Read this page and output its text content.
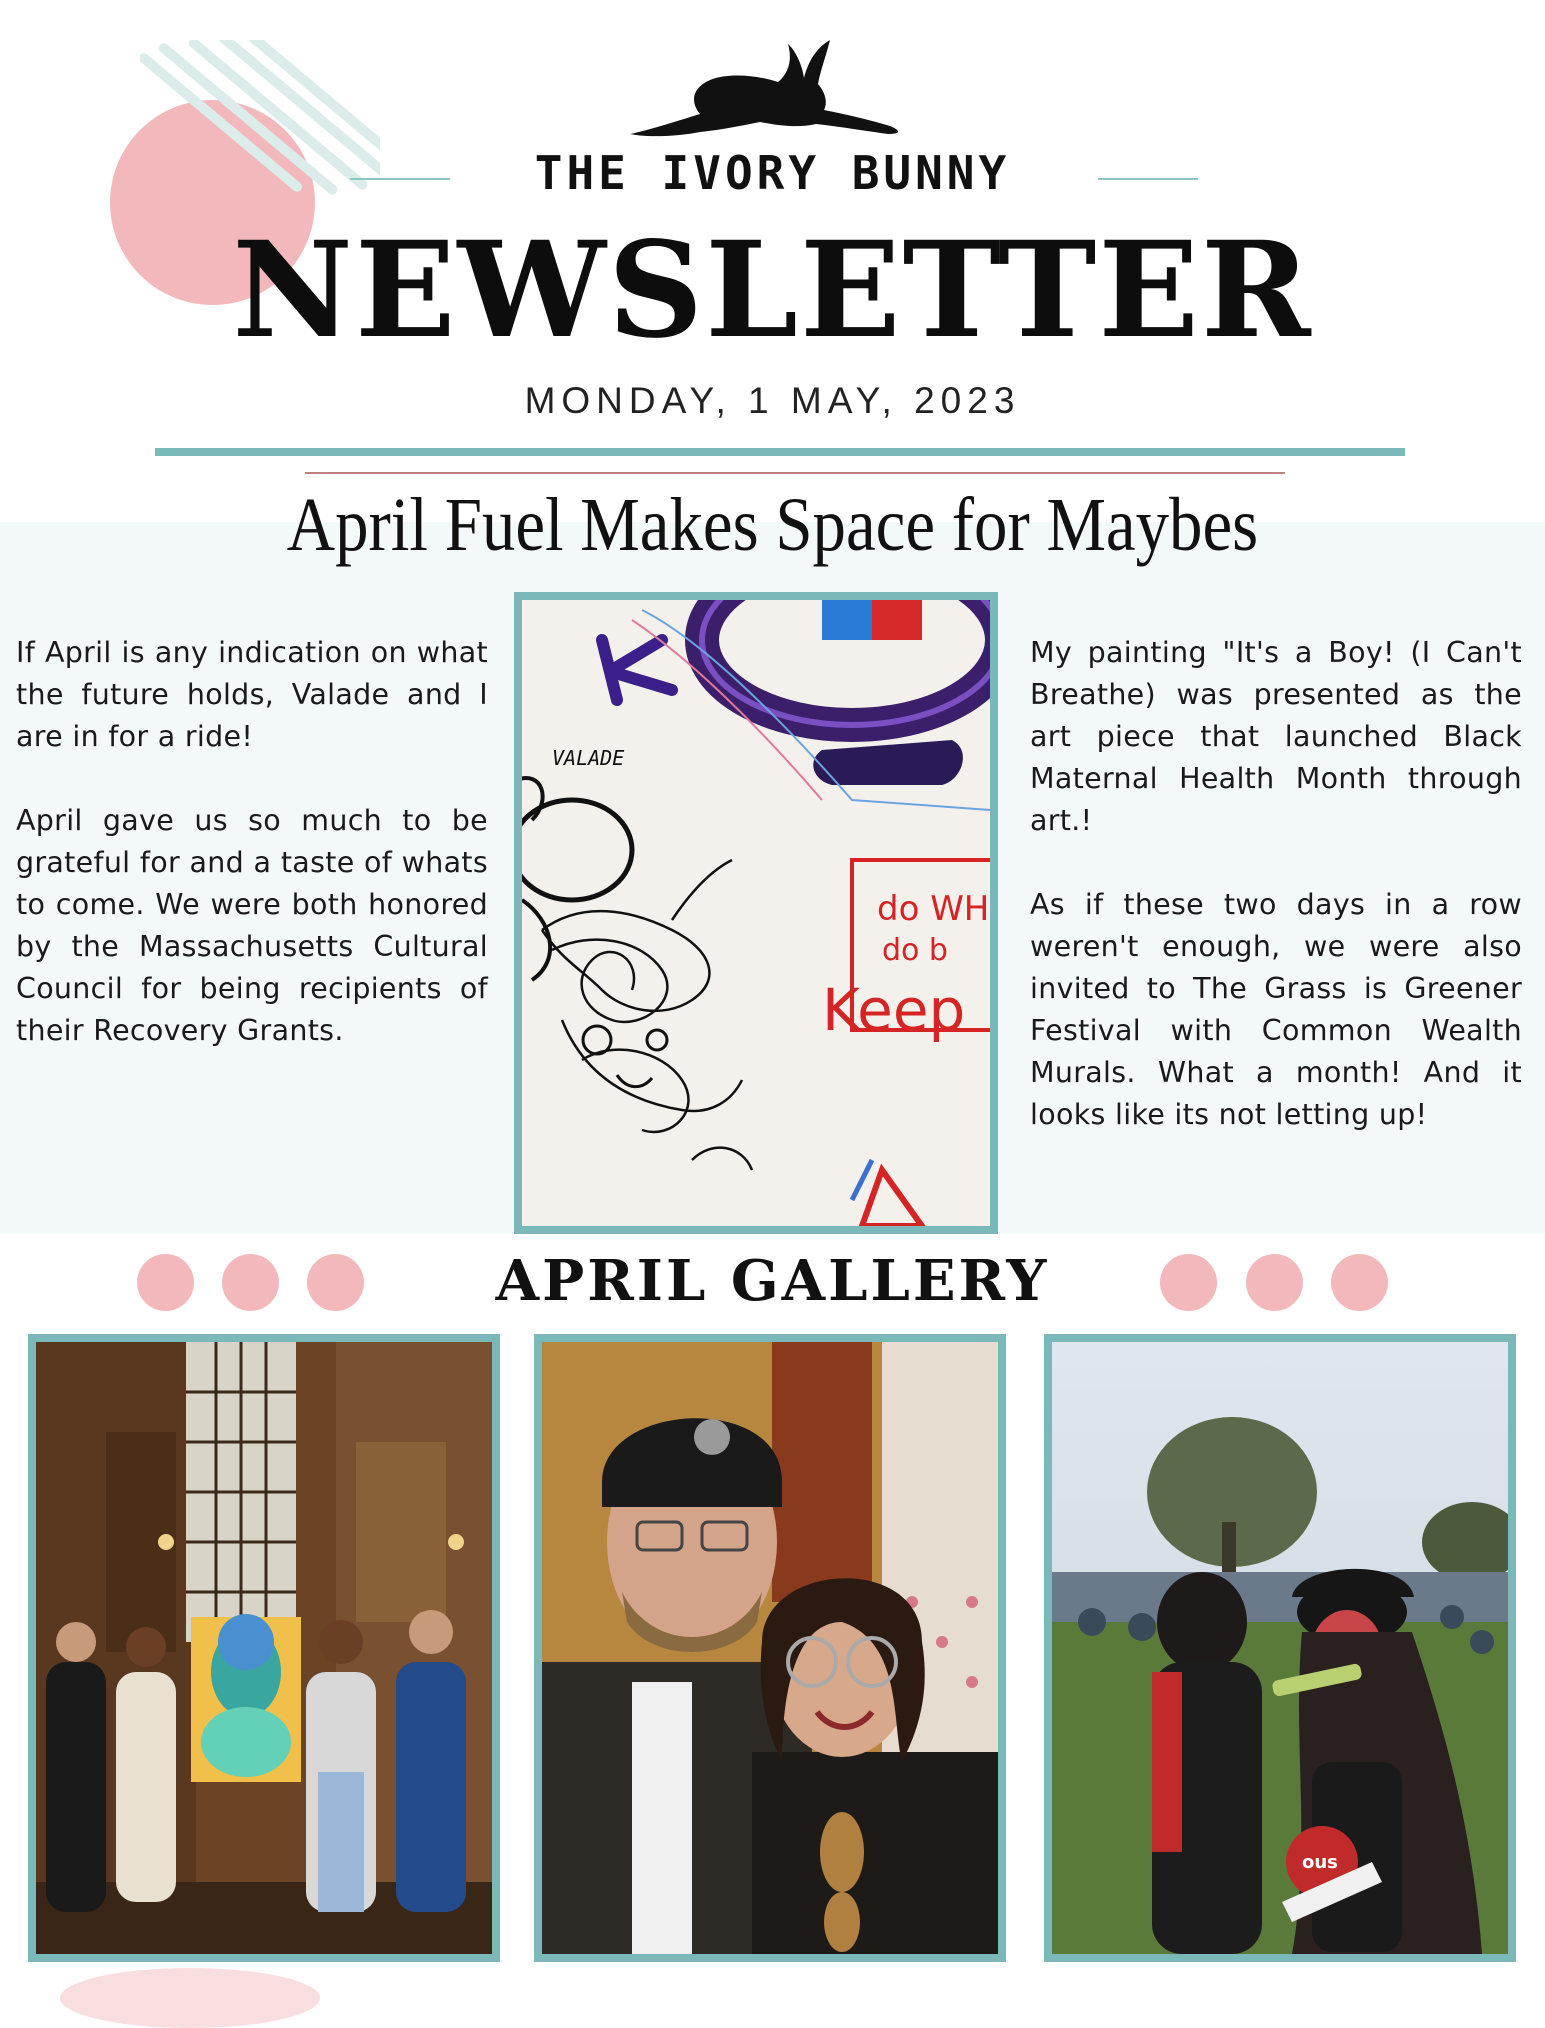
THE IVORY BUNNY
NEWSLETTER
MONDAY, 1 MAY, 2023
April Fuel Makes Space for Maybes

If April is any indication on what the future holds, Valade and I are in for a ride!

April gave us so much to be grateful for and a taste of whats to come. We were both honored by the Massachusetts Cultural Council for being recipients of their Recovery Grants.

VALADE
do WH
do b
Keep

My painting "It's a Boy! (I Can't Breathe) was presented as the art piece that launched Black Maternal Health Month through art.!

As if these two days in a row weren't enough, we were also invited to The Grass is Greener Festival with Common Wealth Murals. What a month! And it looks like its not letting up!

APRIL GALLERY
ous
